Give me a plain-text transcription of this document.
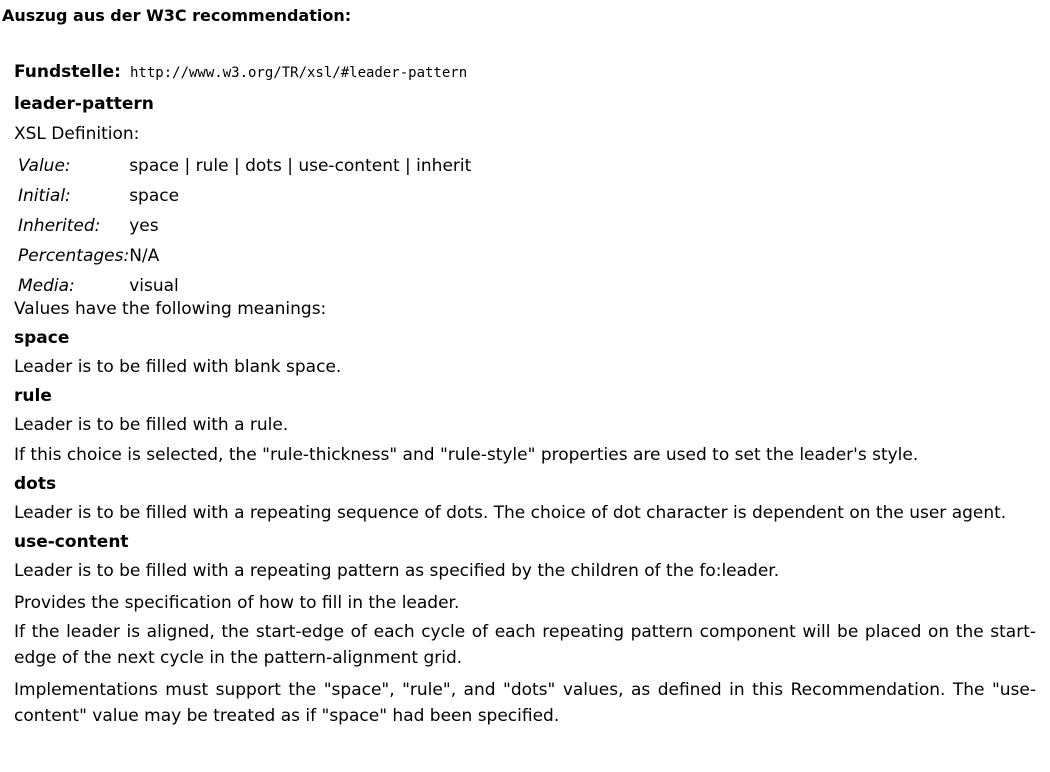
Auszug aus der W3C recommendation:
Fundstelle: http://www.w3.org/TR/xsl/#leader-pattern
leader-pattern
XSL Definition:
Value:	space | rule | dots | use-content | inherit
Initial:	space
Inherited:	yes
Percentages:	N/A
Media:	visual
Values have the following meanings:
space
Leader is to be filled with blank space.
rule
Leader is to be filled with a rule.
If this choice is selected, the "rule-thickness" and "rule-style" properties are used to set the leader's style.
dots
Leader is to be filled with a repeating sequence of dots. The choice of dot character is dependent on the user agent.
use-content
Leader is to be filled with a repeating pattern as specified by the children of the fo:leader.
Provides the specification of how to fill in the leader.
If the leader is aligned, the start-edge of each cycle of each repeating pattern component will be placed on the start-edge of the next cycle in the pattern-alignment grid.
Implementations must support the "space", "rule", and "dots" values, as defined in this Recommendation. The "use-content" value may be treated as if "space" had been specified.
